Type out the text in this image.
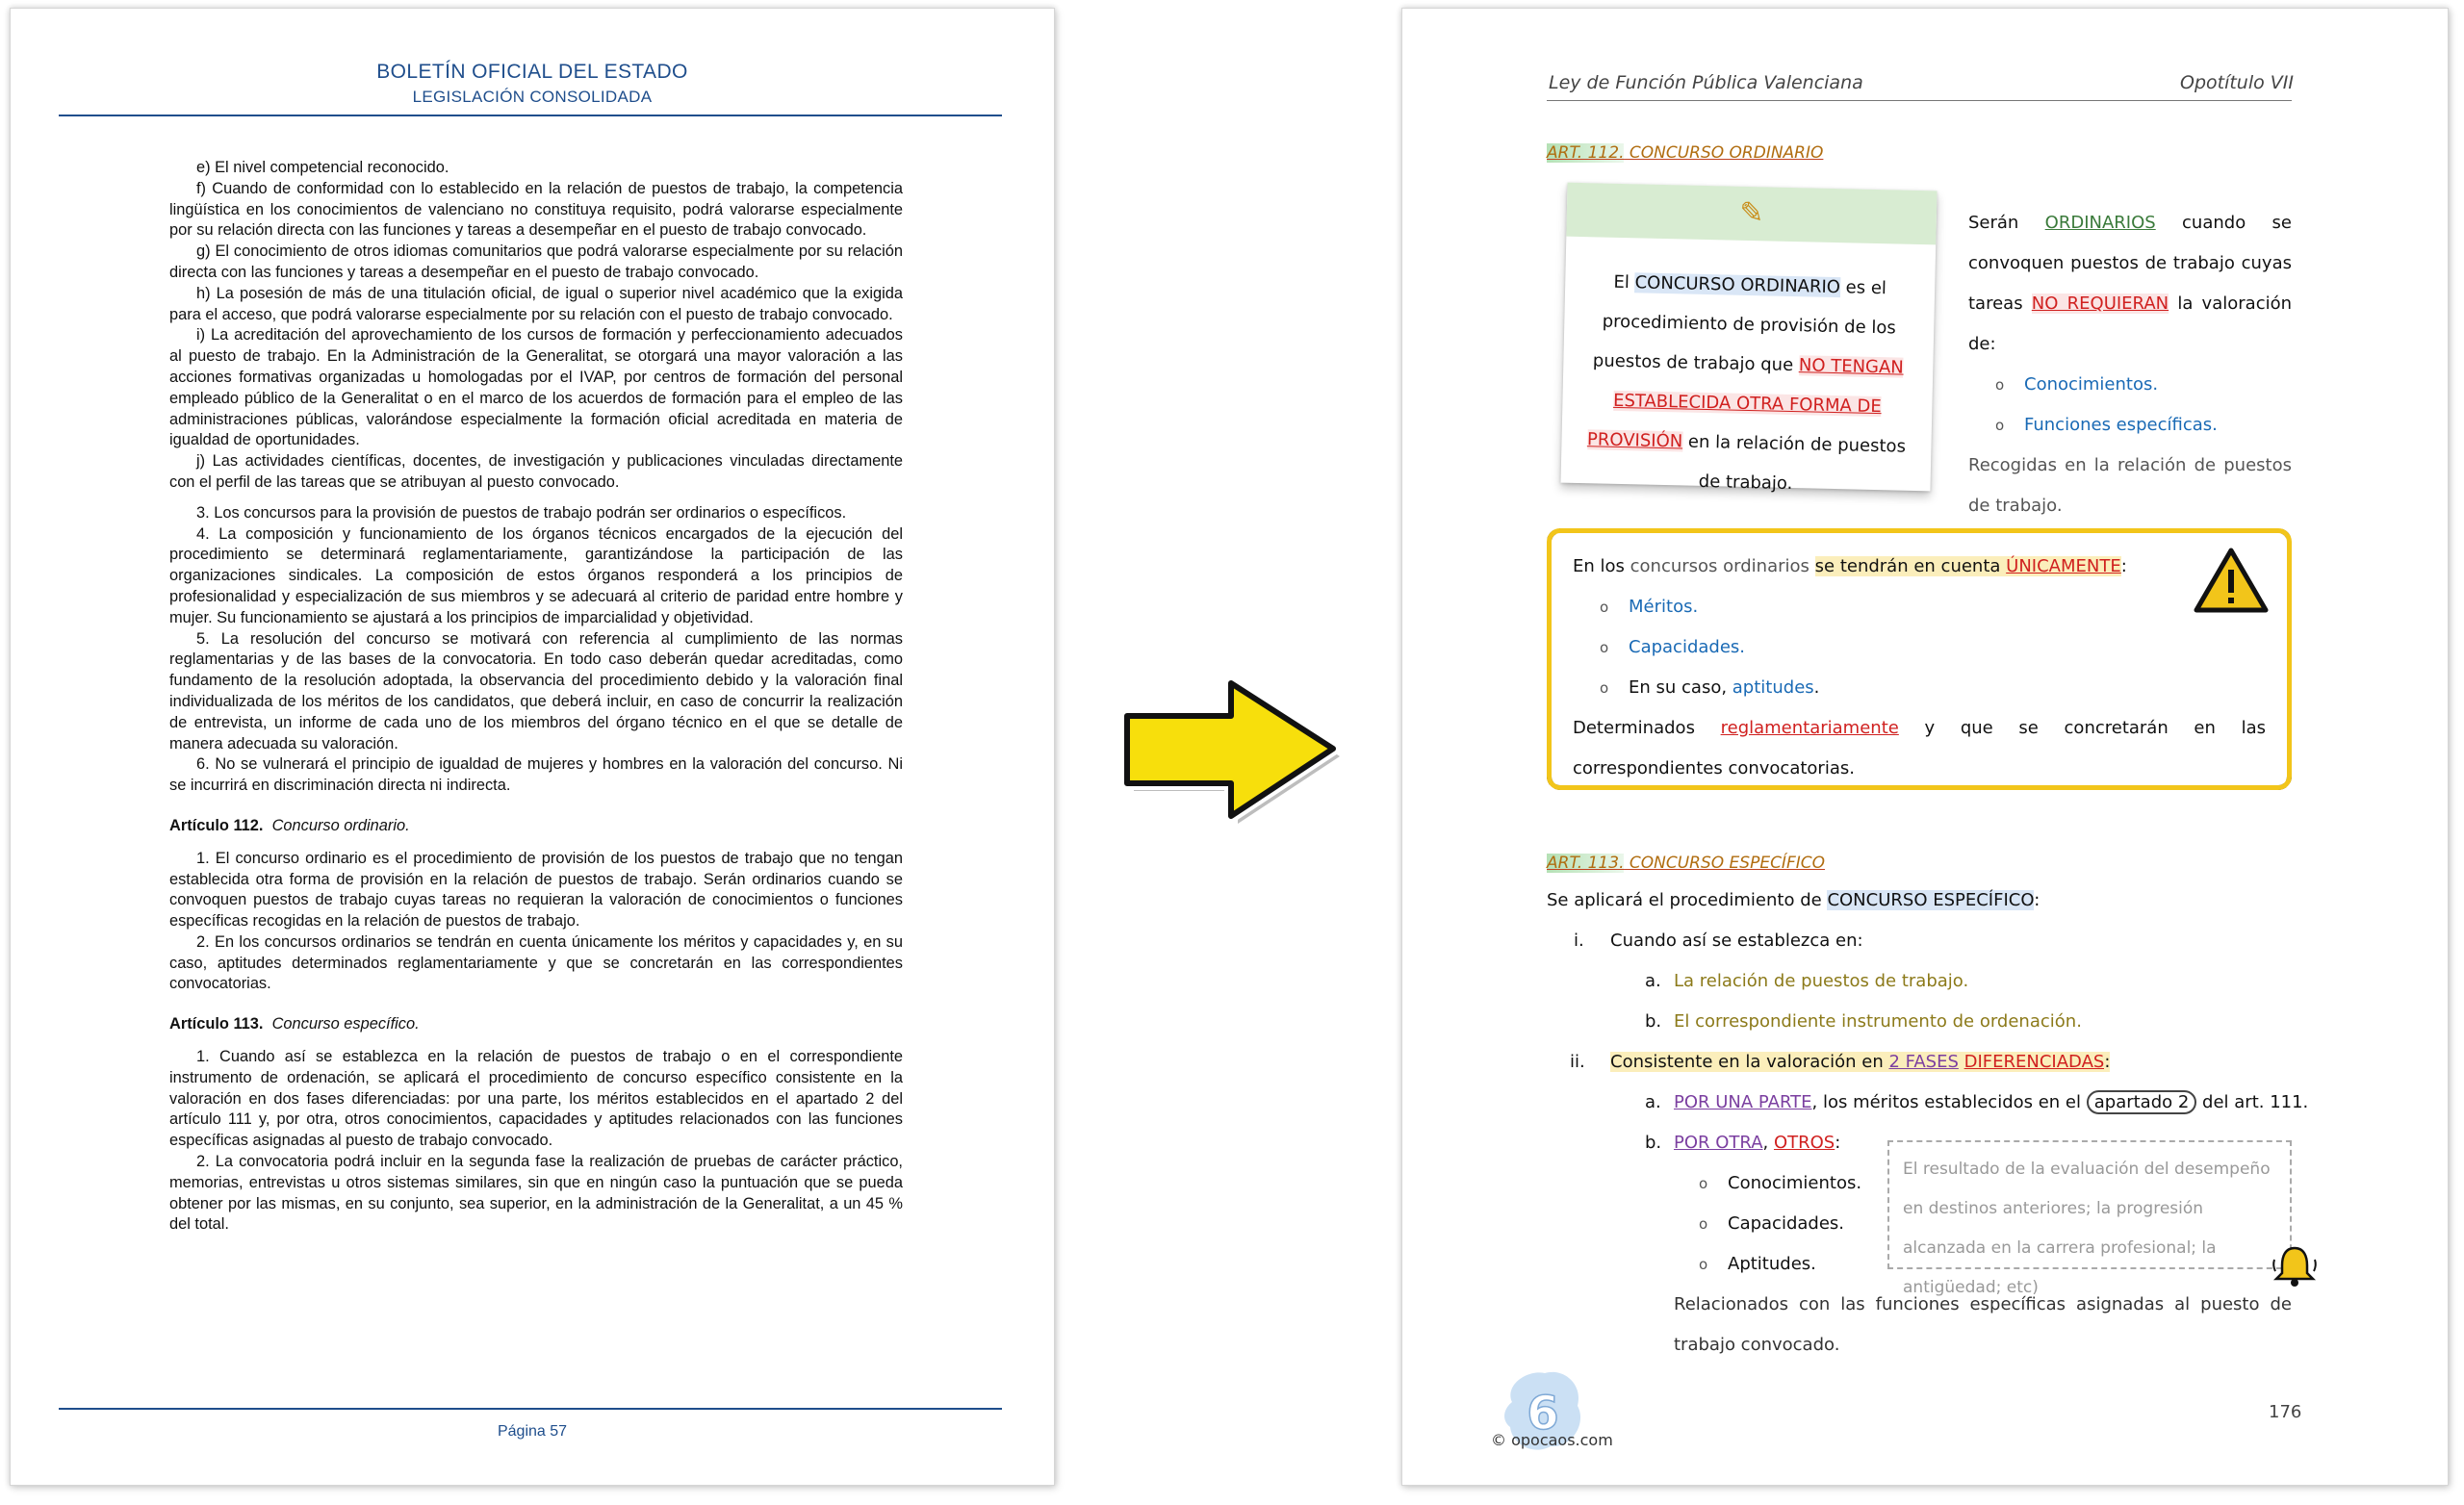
BOLETÍN OFICIAL DEL ESTADO
LEGISLACIÓN CONSOLIDADA

e) El nivel competencial reconocido.

f) Cuando de conformidad con lo establecido en la relación de puestos de trabajo, la competencia lingüística en los conocimientos de valenciano no constituya requisito, podrá valorarse especialmente por su relación directa con las funciones y tareas a desempeñar en el puesto de trabajo convocado.

g) El conocimiento de otros idiomas comunitarios que podrá valorarse especialmente por su relación directa con las funciones y tareas a desempeñar en el puesto de trabajo convocado.

h) La posesión de más de una titulación oficial, de igual o superior nivel académico que la exigida para el acceso, que podrá valorarse especialmente por su relación con el puesto de trabajo convocado.

i) La acreditación del aprovechamiento de los cursos de formación y perfeccionamiento adecuados al puesto de trabajo. En la Administración de la Generalitat, se otorgará una mayor valoración a las acciones formativas organizadas u homologadas por el IVAP, por centros de formación del personal empleado público de la Generalitat o en el marco de los acuerdos de formación para el empleo de las administraciones públicas, valorándose especialmente la formación oficial acreditada en materia de igualdad de oportunidades.

j) Las actividades científicas, docentes, de investigación y publicaciones vinculadas directamente con el perfil de las tareas que se atribuyan al puesto convocado.

3. Los concursos para la provisión de puestos de trabajo podrán ser ordinarios o específicos.

4. La composición y funcionamiento de los órganos técnicos encargados de la ejecución del procedimiento se determinará reglamentariamente, garantizándose la participación de las organizaciones sindicales. La composición de estos órganos responderá a los principios de profesionalidad y especialización de sus miembros y se adecuará al criterio de paridad entre hombre y mujer. Su funcionamiento se ajustará a los principios de imparcialidad y objetividad.

5. La resolución del concurso se motivará con referencia al cumplimiento de las normas reglamentarias y de las bases de la convocatoria. En todo caso deberán quedar acreditadas, como fundamento de la resolución adoptada, la observancia del procedimiento debido y la valoración final individualizada de los méritos de los candidatos, que deberá incluir, en caso de concurrir la realización de entrevista, un informe de cada uno de los miembros del órgano técnico en el que se detalle de manera adecuada su valoración.

6. No se vulnerará el principio de igualdad de mujeres y hombres en la valoración del concurso. Ni se incurrirá en discriminación directa ni indirecta.

Artículo 112. Concurso ordinario.

1. El concurso ordinario es el procedimiento de provisión de los puestos de trabajo que no tengan establecida otra forma de provisión en la relación de puestos de trabajo. Serán ordinarios cuando se convoquen puestos de trabajo cuyas tareas no requieran la valoración de conocimientos o funciones específicas recogidas en la relación de puestos de trabajo.

2. En los concursos ordinarios se tendrán en cuenta únicamente los méritos y capacidades y, en su caso, aptitudes determinados reglamentariamente y que se concretarán en las correspondientes convocatorias.

Artículo 113. Concurso específico.

1. Cuando así se establezca en la relación de puestos de trabajo o en el correspondiente instrumento de ordenación, se aplicará el procedimiento de concurso específico consistente en la valoración en dos fases diferenciadas: por una parte, los méritos establecidos en el apartado 2 del artículo 111 y, por otra, otros conocimientos, capacidades y aptitudes relacionados con las funciones específicas asignadas al puesto de trabajo convocado.

2. La convocatoria podrá incluir en la segunda fase la realización de pruebas de carácter práctico, memorias, entrevistas u otros sistemas similares, sin que en ningún caso la puntuación que se pueda obtener por las mismas, en su conjunto, sea superior, en la administración de la Generalitat, a un 45 % del total.

Página 57
Ley de Función Pública Valenciana	Opotítulo VII
ART. 112. CONCURSO ORDINARIO
✎
El CONCURSO ORDINARIO es el procedimiento de provisión de los puestos de trabajo que NO TENGAN ESTABLECIDA OTRA FORMA DE PROVISIÓN en la relación de puestos de trabajo.
Serán ORDINARIOS cuando se convoquen puestos de trabajo cuyas tareas NO REQUIERAN la valoración de:
o Conocimientos.
o Funciones específicas.
Recogidas en la relación de puestos de trabajo.
En los concursos ordinarios se tendrán en cuenta ÚNICAMENTE:
o Méritos.
o Capacidades.
o En su caso, aptitudes.
Determinados reglamentariamente y que se concretarán en las correspondientes convocatorias.
ART. 113. CONCURSO ESPECÍFICO
Se aplicará el procedimiento de CONCURSO ESPECÍFICO:
i. Cuando así se establezca en:
a. La relación de puestos de trabajo.
b. El correspondiente instrumento de ordenación.
ii. Consistente en la valoración en 2 FASES DIFERENCIADAS:
a. POR UNA PARTE, los méritos establecidos en el apartado 2 del art. 111.
b. POR OTRA, OTROS:
o Conocimientos.
o Capacidades.
o Aptitudes.
El resultado de la evaluación del desempeño en destinos anteriores; la progresión alcanzada en la carrera profesional; la antigüedad; etc)
Relacionados con las funciones específicas asignadas al puesto de trabajo convocado.
6
© opocaos.com
176
